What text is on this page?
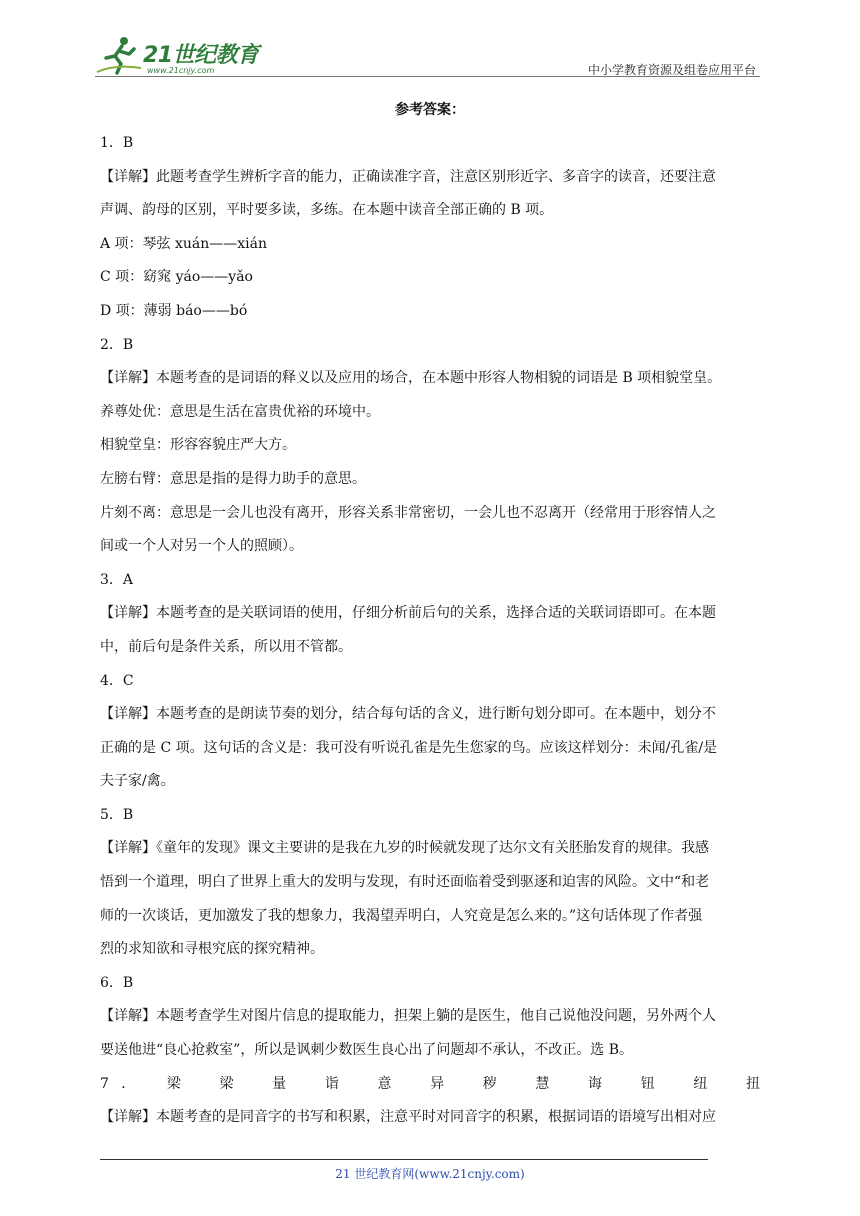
21世纪教育
www.21cnjy.com	中小学教育资源及组卷应用平台
参考答案：
1．B
【详解】此题考查学生辨析字音的能力，正确读准字音，注意区别形近字、多音字的读音，还要注意
声调、韵母的区别，平时要多读，多练。在本题中读音全部正确的 B 项。
A 项：琴弦 xuán——xián
C 项：窈窕 yáo——yǎo
D 项：薄弱 báo——bó
2．B
【详解】本题考查的是词语的释义以及应用的场合，在本题中形容人物相貌的词语是 B 项相貌堂皇。
养尊处优：意思是生活在富贵优裕的环境中。
相貌堂皇：形容容貌庄严大方。
左膀右臂：意思是指的是得力助手的意思。
片刻不离：意思是一会儿也没有离开，形容关系非常密切，一会儿也不忍离开（经常用于形容情人之
间或一个人对另一个人的照顾）。
3．A
【详解】本题考查的是关联词语的使用，仔细分析前后句的关系，选择合适的关联词语即可。在本题
中，前后句是条件关系，所以用不管都。
4．C
【详解】本题考查的是朗读节奏的划分，结合每句话的含义，进行断句划分即可。在本题中，划分不
正确的是 C 项。这句话的含义是：我可没有听说孔雀是先生您家的鸟。应该这样划分：未闻/孔雀/是
夫子家/禽。
5．B
【详解】《童年的发现》课文主要讲的是我在九岁的时候就发现了达尔文有关胚胎发育的规律。我感
悟到一个道理，明白了世界上重大的发明与发现，有时还面临着受到驱逐和迫害的风险。文中“和老
师的一次谈话，更加激发了我的想象力，我渴望弄明白，人究竟是怎么来的。”这句话体现了作者强
烈的求知欲和寻根究底的探究精神。
6．B
【详解】本题考查学生对图片信息的提取能力，担架上躺的是医生，他自己说他没问题，另外两个人
要送他进“良心抢救室”，所以是讽刺少数医生良心出了问题却不承认，不改正。选 B。
7．　梁　梁　量　诣　意　异　秽　慧　诲　钮　纽　扭
【详解】本题考查的是同音字的书写和积累，注意平时对同音字的积累，根据词语的语境写出相对应
21 世纪教育网(www.21cnjy.com)
